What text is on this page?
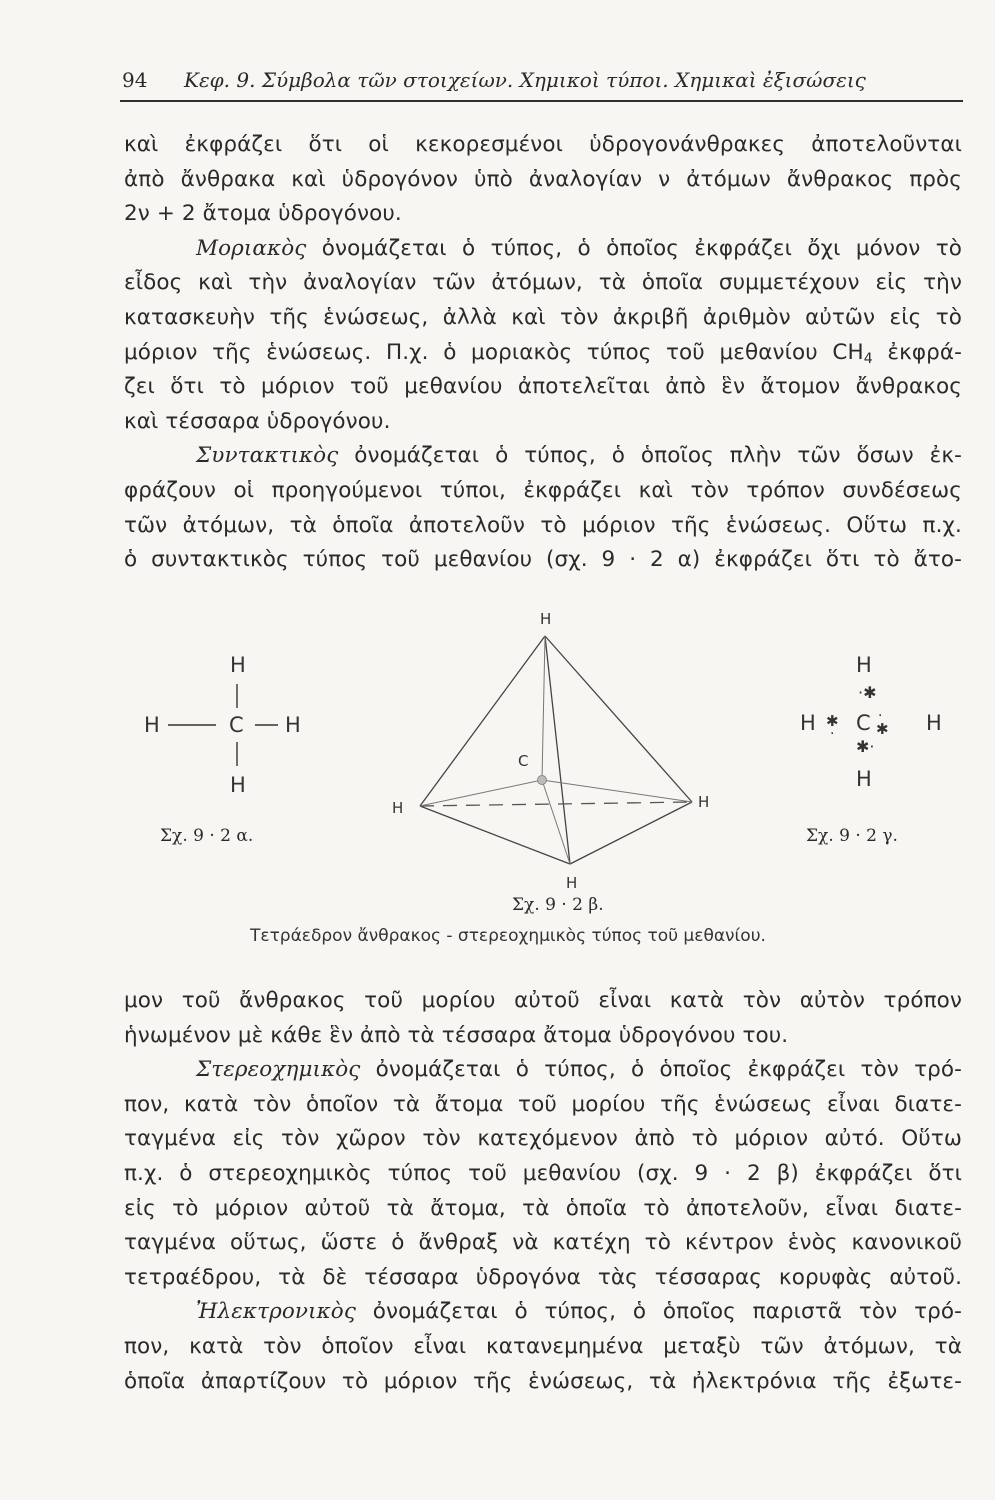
94 Κεφ. 9. Σύμβολα τῶν στοιχείων. Χημικοὶ τύποι. Χημικαὶ ἐξισώσεις
καὶ ἐκφράζει ὅτι οἱ κεκορεσμένοι ὑδρογονάνθρακες ἀποτελοῦνται
ἀπὸ ἄνθρακα καὶ ὑδρογόνον ὑπὸ ἀναλογίαν ν ἀτόμων ἄνθρακος πρὸς
2ν + 2 ἄτομα ὑδρογόνου.
Μοριακὸς ὀνομάζεται ὁ τύπος, ὁ ὁποῖος ἐκφράζει ὄχι μόνον τὸ
εἶδος καὶ τὴν ἀναλογίαν τῶν ἀτόμων, τὰ ὁποῖα συμμετέχουν εἰς τὴν
κατασκευὴν τῆς ἑνώσεως, ἀλλὰ καὶ τὸν ἀκριβῆ ἀριθμὸν αὐτῶν εἰς τὸ
μόριον τῆς ἑνώσεως. Π.χ. ὁ μοριακὸς τύπος τοῦ μεθανίου $CH_4$ ἐκφρά-
ζει ὅτι τὸ μόριον τοῦ μεθανίου ἀποτελεῖται ἀπὸ ἓν ἄτομον ἄνθρακος
καὶ τέσσαρα ὑδρογόνου.
Συντακτικὸς ὀνομάζεται ὁ τύπος, ὁ ὁποῖος πλὴν τῶν ὅσων ἐκ-
φράζουν οἱ προηγούμενοι τύποι, ἐκφράζει καὶ τὸν τρόπον συνδέσεως
τῶν ἀτόμων, τὰ ὁποῖα ἀποτελοῦν τὸ μόριον τῆς ἑνώσεως. Οὕτω π.χ.
ὁ συντακτικὸς τύπος τοῦ μεθανίου (σχ. 9 · 2 α) ἐκφράζει ὅτι τὸ ἄτο-
H
H	C H
H
Σχ. 9 · 2 α.
H
H	H
H
C
Σχ. 9 · 2 β.
Τετράεδρον ἄνθρακος - στερεοχημικὸς τύπος τοῦ μεθανίου.
H
·✱
H ✱
· C ·
✱ H
✱·
H
Σχ. 9 · 2 γ.
μον τοῦ ἄνθρακος τοῦ μορίου αὐτοῦ εἶναι κατὰ τὸν αὐτὸν τρόπον
ἡνωμένον μὲ κάθε ἓν ἀπὸ τὰ τέσσαρα ἄτομα ὑδρογόνου του.
Στερεοχημικὸς ὀνομάζεται ὁ τύπος, ὁ ὁποῖος ἐκφράζει τὸν τρό-
πον, κατὰ τὸν ὁποῖον τὰ ἄτομα τοῦ μορίου τῆς ἑνώσεως εἶναι διατε-
ταγμένα εἰς τὸν χῶρον τὸν κατεχόμενον ἀπὸ τὸ μόριον αὐτό. Οὕτω
π.χ. ὁ στερεοχημικὸς τύπος τοῦ μεθανίου (σχ. 9 · 2 β) ἐκφράζει ὅτι
εἰς τὸ μόριον αὐτοῦ τὰ ἄτομα, τὰ ὁποῖα τὸ ἀποτελοῦν, εἶναι διατε-
ταγμένα οὕτως, ὥστε ὁ ἄνθραξ νὰ κατέχη τὸ κέντρον ἑνὸς κανονικοῦ
τετραέδρου, τὰ δὲ τέσσαρα ὑδρογόνα τὰς τέσσαρας κορυφὰς αὐτοῦ.
Ἠλεκτρονικὸς ὀνομάζεται ὁ τύπος, ὁ ὁποῖος παριστᾶ τὸν τρό-
πον, κατὰ τὸν ὁποῖον εἶναι κατανεμημένα μεταξὺ τῶν ἀτόμων, τὰ
ὁποῖα ἀπαρτίζουν τὸ μόριον τῆς ἑνώσεως, τὰ ἠλεκτρόνια τῆς ἐξωτε-
